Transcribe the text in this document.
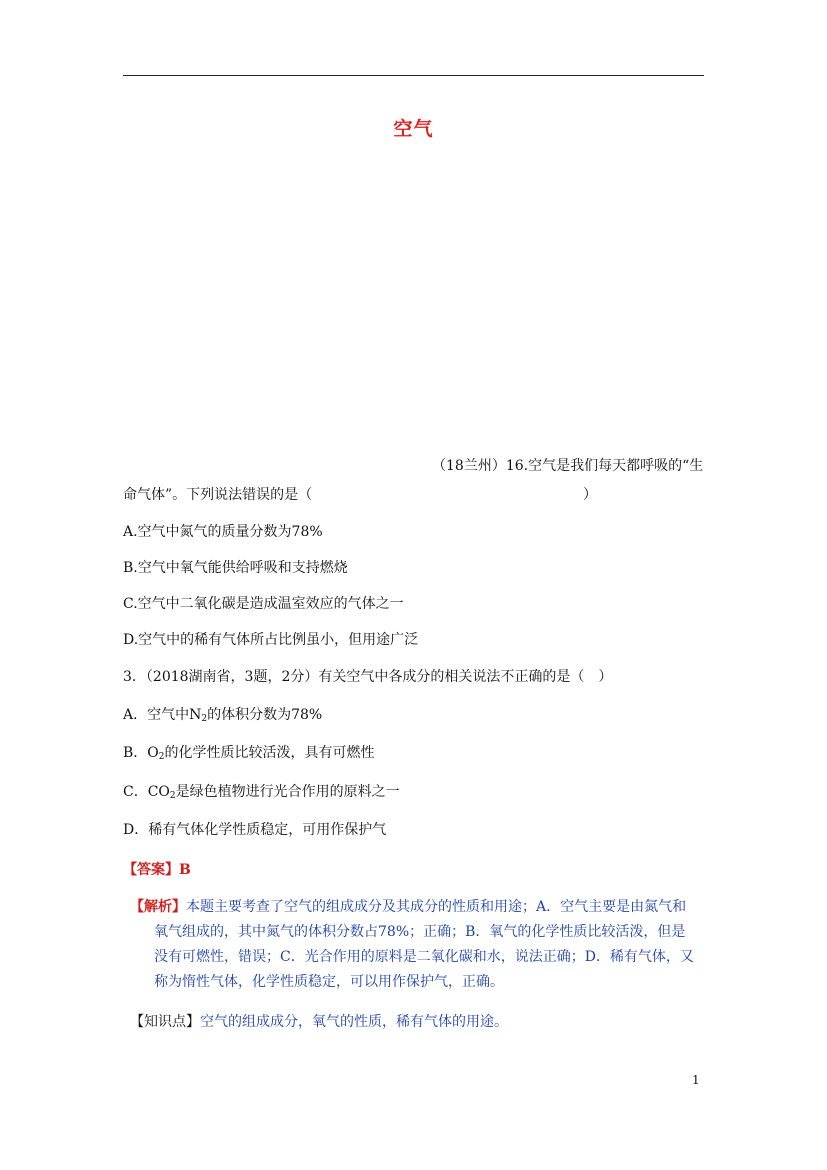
空气
（18兰州）16.空气是我们每天都呼吸的“生
命气体”。下列说法错误的是（	）
A.空气中氮气的质量分数为78%
B.空气中氧气能供给呼吸和支持燃烧
C.空气中二氧化碳是造成温室效应的气体之一
D.空气中的稀有气体所占比例虽小，但用途广泛
3．（2018湖南省，3题，2分）有关空气中各成分的相关说法不正确的是（　）
A．空气中$N_2$的体积分数为78%
B．$O_2$的化学性质比较活泼，具有可燃性
C．$CO_2$是绿色植物进行光合作用的原料之一
D．稀有气体化学性质稳定，可用作保护气
【答案】B
【解析】本题主要考查了空气的组成成分及其成分的性质和用途；A．空气主要是由氮气和
氧气组成的，其中氮气的体积分数占78%；正确；B．氧气的化学性质比较活泼，但是
没有可燃性，错误；C．光合作用的原料是二氧化碳和水，说法正确；D．稀有气体，又
称为惰性气体，化学性质稳定，可以用作保护气，正确。
【知识点】空气的组成成分，氧气的性质，稀有气体的用途。
1
